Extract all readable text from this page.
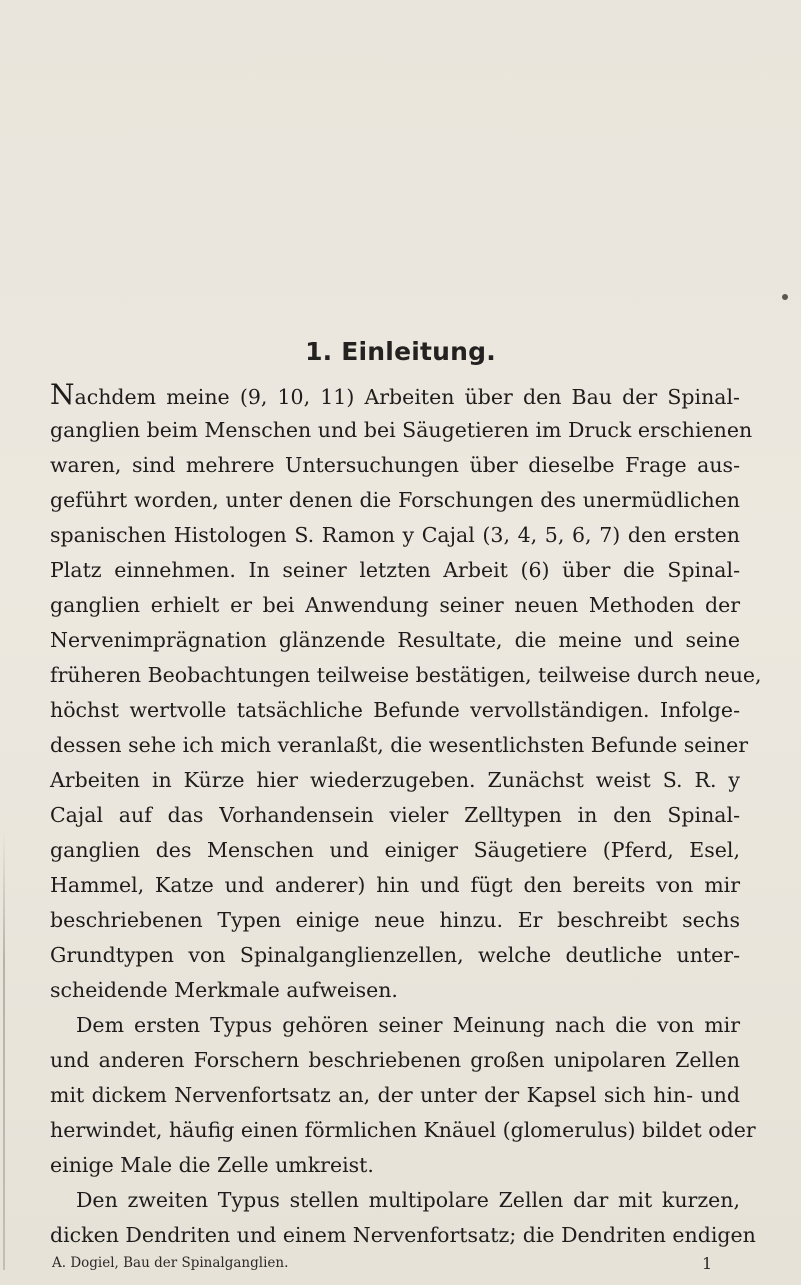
1. Einleitung.
Nachdem meine (9, 10, 11) Arbeiten über den Bau der Spinal-
ganglien beim Menschen und bei Säugetieren im Druck erschienen
waren, sind mehrere Untersuchungen über dieselbe Frage aus-
geführt worden, unter denen die Forschungen des unermüdlichen
spanischen Histologen S. Ramon y Cajal (3, 4, 5, 6, 7) den ersten
Platz einnehmen. In seiner letzten Arbeit (6) über die Spinal-
ganglien erhielt er bei Anwendung seiner neuen Methoden der
Nervenimprägnation glänzende Resultate, die meine und seine
früheren Beobachtungen teilweise bestätigen, teilweise durch neue,
höchst wertvolle tatsächliche Befunde vervollständigen. Infolge-
dessen sehe ich mich veranlaßt, die wesentlichsten Befunde seiner
Arbeiten in Kürze hier wiederzugeben. Zunächst weist S. R. y
Cajal auf das Vorhandensein vieler Zelltypen in den Spinal-
ganglien des Menschen und einiger Säugetiere (Pferd, Esel,
Hammel, Katze und anderer) hin und fügt den bereits von mir
beschriebenen Typen einige neue hinzu. Er beschreibt sechs
Grundtypen von Spinalganglienzellen, welche deutliche unter-
scheidende Merkmale aufweisen.
Dem ersten Typus gehören seiner Meinung nach die von mir
und anderen Forschern beschriebenen großen unipolaren Zellen
mit dickem Nervenfortsatz an, der unter der Kapsel sich hin- und
herwindet, häufig einen förmlichen Knäuel (glomerulus) bildet oder
einige Male die Zelle umkreist.
Den zweiten Typus stellen multipolare Zellen dar mit kurzen,
dicken Dendriten und einem Nervenfortsatz; die Dendriten endigen
A. Dogiel, Bau der Spinalganglien.	1
